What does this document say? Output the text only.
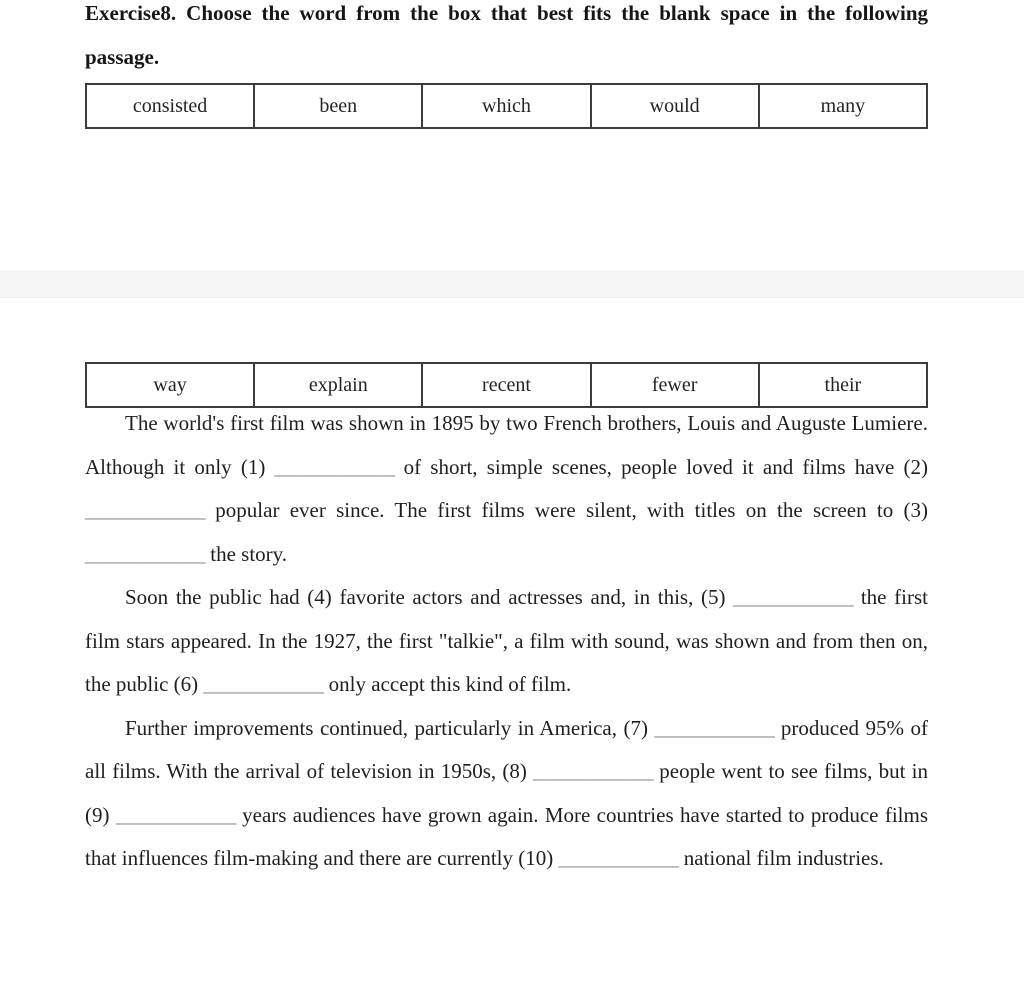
Exercise8. Choose the word from the box that best fits the blank space in the following passage.
consisted	been	which	would	many
way	explain	recent	fewer	their

The world's first film was shown in 1895 by two French brothers, Louis and Auguste Lumiere. Although it only (1) ____________ of short, simple scenes, people loved it and films have (2) ____________ popular ever since. The first films were silent, with titles on the screen to (3) ____________ the story.

Soon the public had (4) favorite actors and actresses and, in this, (5) ____________ the first film stars appeared. In the 1927, the first "talkie", a film with sound, was shown and from then on, the public (6) ____________ only accept this kind of film.

Further improvements continued, particularly in America, (7) ____________ produced 95% of all films. With the arrival of television in 1950s, (8) ____________ people went to see films, but in (9) ____________ years audiences have grown again. More countries have started to produce films that influences film-making and there are currently (10) ____________ national film industries.
